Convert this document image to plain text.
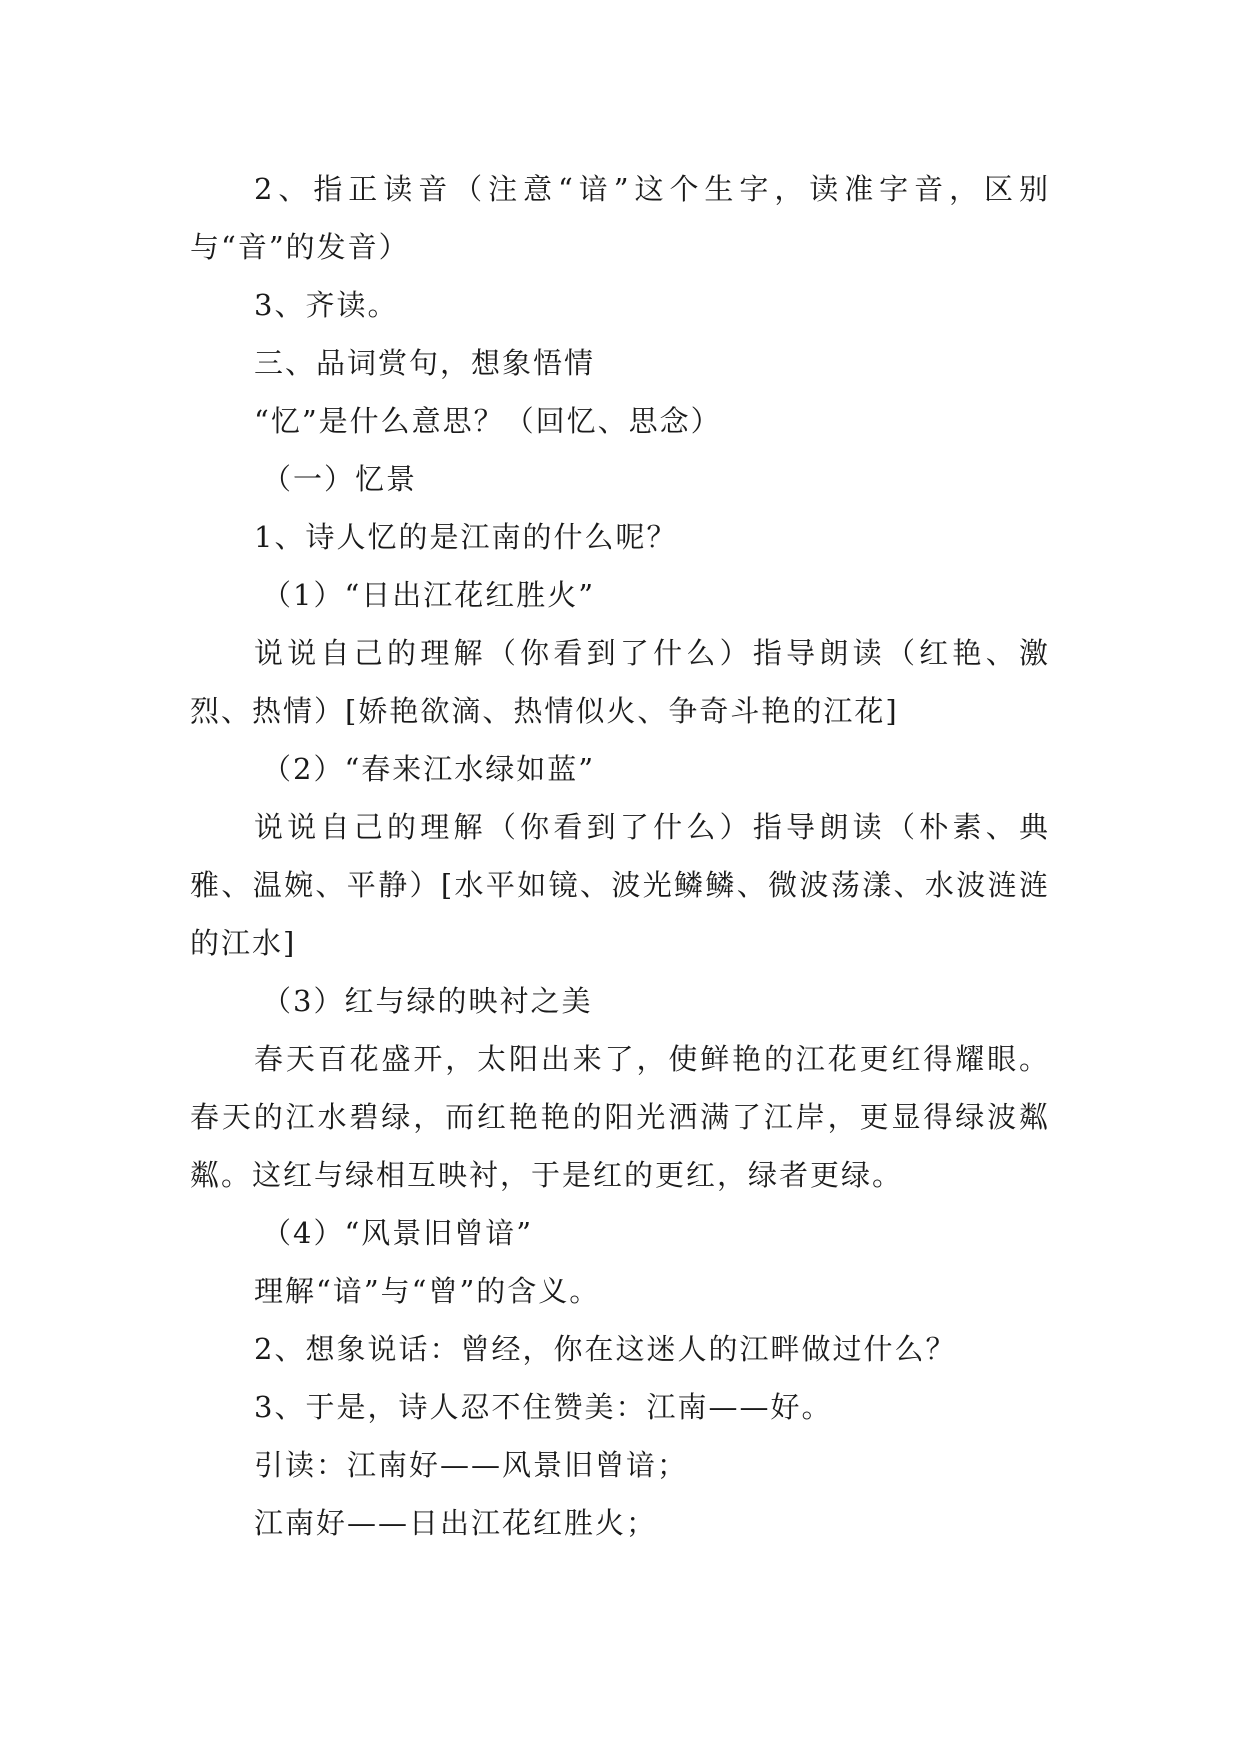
2、指正读音（注意“谙”这个生字，读准字音，区别与“音”的发音）

3、齐读。

三、品词赏句，想象悟情

“忆”是什么意思？（回忆、思念）

（一）忆景

1、诗人忆的是江南的什么呢？

（1）“日出江花红胜火”

说说自己的理解（你看到了什么）指导朗读（红艳、激烈、热情）[娇艳欲滴、热情似火、争奇斗艳的江花]

（2）“春来江水绿如蓝”

说说自己的理解（你看到了什么）指导朗读（朴素、典雅、温婉、平静）[水平如镜、波光鳞鳞、微波荡漾、水波涟涟的江水]

（3）红与绿的映衬之美

春天百花盛开，太阳出来了，使鲜艳的江花更红得耀眼。春天的江水碧绿，而红艳艳的阳光洒满了江岸，更显得绿波粼粼。这红与绿相互映衬，于是红的更红，绿者更绿。

（4）“风景旧曾谙”

理解“谙”与“曾”的含义。

2、想象说话：曾经，你在这迷人的江畔做过什么？

3、于是，诗人忍不住赞美：江南——好。

引读：江南好——风景旧曾谙；

江南好——日出江花红胜火；
